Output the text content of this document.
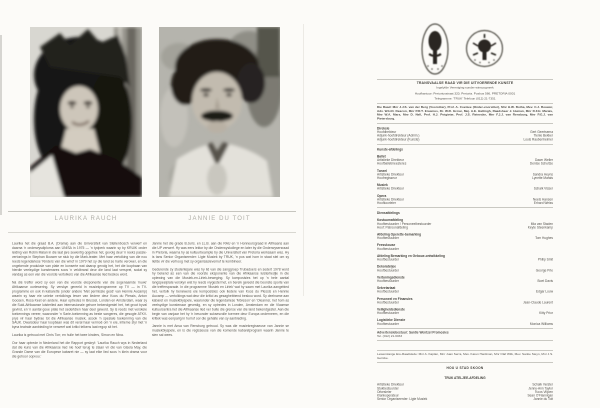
LAURIKA RAUCH	JANNIE DU TOIT

Laurika het die graad B.A. (Drama) aan die Universiteit van Stellenbosch verwerf en daarna 'n onderwysdiploma aan UNISA in 1975 — 'n tydperk waarin sy by KRUIK onder leiding van Robin Malan in die laat jare sewentig opgetree het, gevolg deur 'n reeks passie-vertonings in Stephan Bouwer se stuk by die Mark-teater. Met haar vertolking van die nou reeds legendariese 'Kinders van die wind' in 1979 het sy die land se harte verower, en die ongekende produksie van plate en konserte wat daarop gevolg het, het die loopbaan van hierdie veelsydige kunstenares soos 'n veldbrand deur die land laat versprei, sodat sy vandag as een van die voorste vertolkers van die Afrikaanse lied beskou word.

Ná dié treffer word sy een van die voorste eksponente van die sogenaamde 'nuwe' Afrikaanse oorlewering. Sy verskyn gereeld in musiekprogramme op TV — in TV-programme en ook in kabarette (onder andere 'Met permissie gesê' van Hennie Aucamp) waarin sy haar eie unieke vertolkings lewer van liedere deur Koos du Plessis, Anton Goosen, Rosa Keet en andere. Haar optredes in Brussel, Londen en Amsterdam, waar sy die Suid-Afrikaanse luisterlied aan internasionale gehore bekendgestel het, het groot byval gevind, en 'n aantal goue plate het sedertdien haar deel geword. Sy is reeds met verskeie toekennings vereer, waaronder 'n Sarie-toekenning as beste sangeres, die gesogte ATKV-prys vir haar bydrae tot die Afrikaanse musiek, asook 'n spesiale toekenning van die SAUK. Dwarsdeur haar loopbaan was dit veral haar vermoë om 'n eie, intieme styl met 'n byna teatrale aanbieding te verweef wat kritici telkens laat regop sit het.

Laurika is getroud met Chris Torr, en hulle het twee kinders, Simon en Nina.

Oor haar optrede in Nederland het die Rapport geskryf: 'Laurika Rauch wys in Nederland dat die kuns van die Afrikaanse lied nie hoef terug te staan vir dié van Gisela May, die Grande Dame van die Europese kabaret nie — sy laat elke lied soos 'n klein drama voor die gehoor oopvou.'

Jannie het die grade B.Juris. en LL.B. aan die RAU en 'n Honneursgraad in Afrikaans aan die UP verwerf. Hy was eers lektor by die Onderwyskollege en later by die Onderwysersraad in Pretoria, waarna hy as kultuurbeampte by die Universiteit van Pretoria werksaam was. Hy is tans Senior Organiseerder: Ligte Musiek by TRUK, 'n pos wat hom in staat stel om sy liefde vir die verhoog met sy organisasievernuf te kombineer.

Gedurende sy studentejare was hy lid van die sanggroep Trubadoers en sedert 1978 word hy bekend as een van die voorste eksponente van die Afrikaanse luisterliedjie in die oplewing van die Musiek-en-Liriek-beweging. Sy komposisies het op 'n hele aantal langspeelplate verskyn wat hy reeds vrygestel het, en bereik gereeld die boonste sporte van die treffersparade. In die programme 'Musiek en Liriek' wat hy saam met Laurika aangebied het, vertolk hy benewens eie komposisies ook liedere van Koos du Plessis en Hennie Aucamp — vertolkings wat deur die kritici as gesaghebbend beskou word. Sy deelname aan kabaret en musiekblyspele, waaronder die legendariese 'Môreson' en 'Oleanna', het hom as veelsydige kunstenaar gevestig, en sy optredes in Londen, Amsterdam en die Vlaamse kultuursentra het die Afrikaanse lied ver buite die grense van die land bekendgestel. Aan die begin van vanjaar het hy 'n besonder suksesvolle toernee deur Europa onderneem, en die kritiek was eenparig in hul lof oor die gehalte van sy aanbieding.

Jannie is met Ansa van Rensburg getroud. Sy was die musiekregisseuse van Jannie se musiekblyspele, en is die regisseuse van die komende kabaretprogram waarin Jannie te sien sal wees.

TRANSVAALSE RAAD VIR DIE UITVOERENDE KUNSTE
Ingelyfde Vereniging sonder winsoogmerk
Hoofkantoor: Pretoriusstraat 320, Pretoria. Posbus 566, PRETORIA 0001
Telegramme: 'TRUK' Telefoon (012) 21-7351
Die Raad: Mnr J.J.S. van der Berg (Voorsitter), Prof. A. Coetzee (Onder-voorsitter), Mnr H.W. Botha, Mev. C.J. Bouwer, Adv. W.H.D. Deacon, Mnr P.R.T. Erasmus, Dr. W.R. Grové, Mej. A.E. Hattingh, Raadsheer J. Human, Mnr D.F.H. Marais, Mnr W.A. Marx, Mnr D. Nell, Prof. H.J. Potgieter, Prof. J.S. Reinecke, Mnr F.J.J. van Rensburg, Mnr P.G.J. van Pietersburg.
Direksie
Hoofdirekteur	Gert Geertsema
Adjunk-hoofdirekteur (Admin.)	Tienie Bekker
Adjunk-hoofdirekteur (Kunste)	Louis Raubenheimer
Kunste-afdelings
Ballet
Artistieke Direkteur	Dawn Weller
Hoofballetmeesteres	Denise Schultze
Toneel
Artistieke Direkteur	Sandra Heyns
Hoofregisseur	Lynette Marais
Musiek
Artistieke Direkteur	Schalk Visser
Opera
Artistieke Direkteur	Neels Hansen
Hoofkoorleier	Erhard Weiss
Diensafdelings
Kostuumafdeling
Hoofbestuurder / Personeelbestuurder	Mia van Staden
Hoof: Patroonafdeling	Keyte Steenkamp
Afdeling Operette-bemarking
Hoofbestuurder	Tom Hughes
Feesskouse
Hoofbestuurder
Afdeling Bemarking en Geboue-ontwikkeling
Hoofbestuurder	Philip Smit
Dekorateljee
Hoofbestuurder	George Prie
Vertoningsdienste
Hoofbestuurder	Boet Davis
Sekretariaat
Hoofbestuurder	Edgar Louw
Personeel en Finansies
Hoofbestuurder	Jean-Claude Laurent
Veiligheidsdienste
Hoofbestuurder	Kitty Prior
Logistieke Dienste
Hoofbestuurder	Monica Williams
Advertensiebestuur: Santie Wentzel Promosies
Tel. (012) 21-6033
Lewenslange Ere-Raadslede: Mnr A. Kaplan, Mnr Juan Serra, Mev. Karen Hardman, Mnr Olaf Wilk, Mev. Santie Steyn, Mnr J.S. Gericke.
HOU U STAD SKOON
TRUK ATELJEE-AFDELING
Artistieke Direkteur	Schalk Verster
Stukbestuurder	Jenny-Ann Taylor
Orkesleier	Koos Viljoen
Klankoperateur	Sean O'Flannigan
Senior Organiseerder: Ligte Musiek	Jannie du Toit
